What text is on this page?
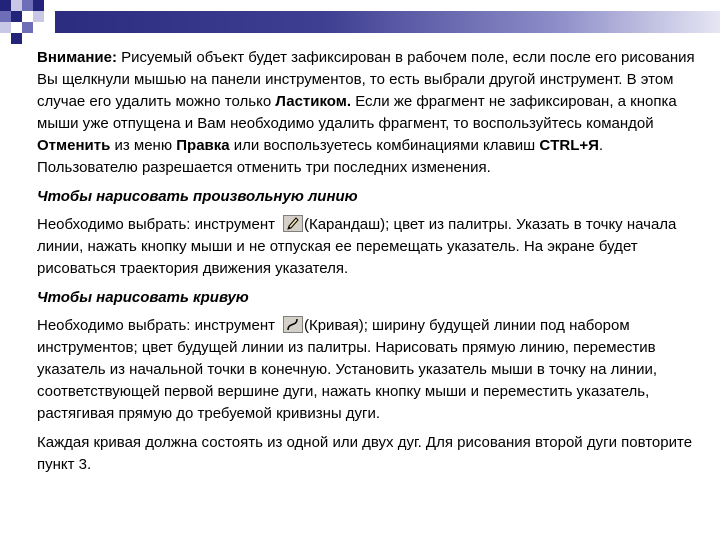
Внимание: Рисуемый объект будет зафиксирован в рабочем поле, если после его рисования Вы щелкнули мышью на панели инструментов, то есть выбрали другой инструмент. В этом случае его удалить можно только Ластиком. Если же фрагмент не зафиксирован, а кнопка мыши уже отпущена и Вам необходимо удалить фрагмент, то воспользуйтесь командой Отменить из меню Правка или воспользуетесь комбинациями клавиш CTRL+Я. Пользователю разрешается отменить три последних изменения.

Чтобы нарисовать произвольную линию

Необходимо выбрать: инструмент (Карандаш); цвет из палитры. Указать в точку начала линии, нажать кнопку мыши и не отпуская ее перемещать указатель. На экране будет рисоваться траектория движения указателя.

Чтобы нарисовать кривую

Необходимо выбрать: инструмент (Кривая); ширину будущей линии под набором инструментов; цвет будущей линии из палитры. Нарисовать прямую линию, переместив указатель из начальной точки в конечную. Установить указатель мыши в точку на линии, соответствующей первой вершине дуги, нажать кнопку мыши и переместить указатель, растягивая прямую до требуемой кривизны дуги.

Каждая кривая должна состоять из одной или двух дуг. Для рисования второй дуги повторите пункт 3.
